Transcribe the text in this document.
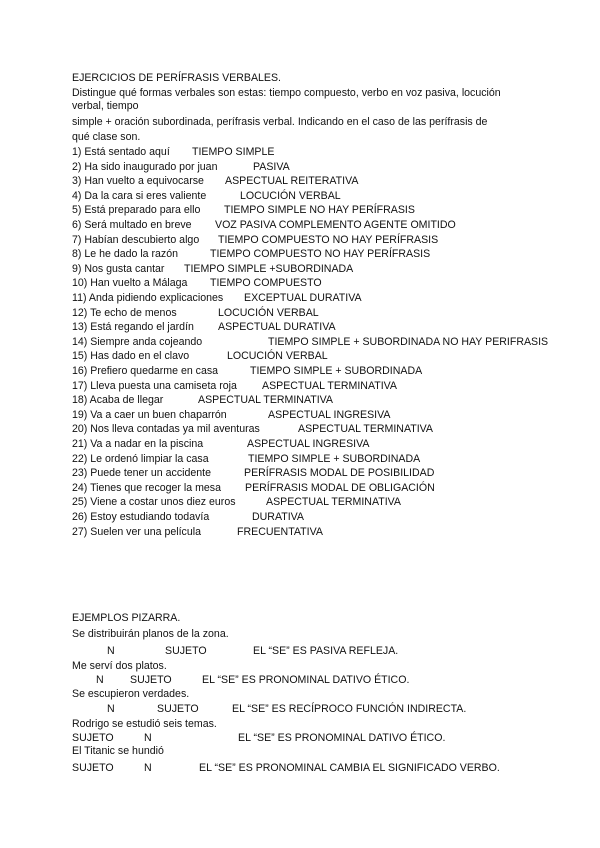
EJERCICIOS DE PERÍFRASIS VERBALES.
Distingue qué formas verbales son estas: tiempo compuesto, verbo en voz pasiva, locución
verbal, tiempo
simple + oración subordinada, perífrasis verbal. Indicando en el caso de las perífrasis de
qué clase son.
1) Está sentado aquí TIEMPO SIMPLE
2) Ha sido inaugurado por juan	PASIVA
3) Han vuelto a equivocarse ASPECTUAL REITERATIVA
4) Da la cara si eres valiente	LOCUCIÓN VERBAL
5) Está preparado para ello TIEMPO SIMPLE NO HAY PERÍFRASIS
6) Será multado en breve VOZ PASIVA COMPLEMENTO AGENTE OMITIDO
7) Habían descubierto algo TIEMPO COMPUESTO NO HAY PERÍFRASIS
8) Le he dado la razón	TIEMPO COMPUESTO NO HAY PERÍFRASIS
9) Nos gusta cantar TIEMPO SIMPLE +SUBORDINADA
10) Han vuelto a Málaga TIEMPO COMPUESTO
11) Anda pidiendo explicaciones EXCEPTUAL DURATIVA
12) Te echo de menos	LOCUCIÓN VERBAL
13) Está regando el jardín ASPECTUAL DURATIVA
14) Siempre anda cojeando	TIEMPO SIMPLE + SUBORDINADA NO HAY PERIFRASIS
15) Has dado en el clavo	LOCUCIÓN VERBAL
16) Prefiero quedarme en casa	TIEMPO SIMPLE + SUBORDINADA
17) Lleva puesta una camiseta roja ASPECTUAL TERMINATIVA
18) Acaba de llegar	ASPECTUAL TERMINATIVA
19) Va a caer un buen chaparrón	ASPECTUAL INGRESIVA
20) Nos lleva contadas ya mil aventuras	ASPECTUAL TERMINATIVA
21) Va a nadar en la piscina	ASPECTUAL INGRESIVA
22) Le ordenó limpiar la casa	TIEMPO SIMPLE + SUBORDINADA
23) Puede tener un accidente	PERÍFRASIS MODAL DE POSIBILIDAD
24) Tienes que recoger la mesa PERÍFRASIS MODAL DE OBLIGACIÓN
25) Viene a costar unos diez euros	ASPECTUAL TERMINATIVA
26) Estoy estudiando todavía	DURATIVA
27) Suelen ver una película	FRECUENTATIVA
EJEMPLOS PIZARRA.
Se distribuirán planos de la zona.
N	SUJETO	EL “SE” ES PASIVA REFLEJA.
Me serví dos platos.
N SUJETO	EL “SE” ES PRONOMINAL DATIVO ÉTICO.
Se escupieron verdades.
N	SUJETO	EL “SE” ES RECÍPROCO FUNCIÓN INDIRECTA.
Rodrigo se estudió seis temas.
SUJETO	N	EL “SE” ES PRONOMINAL DATIVO ÉTICO.
El Titanic se hundió
SUJETO	N	EL “SE” ES PRONOMINAL CAMBIA EL SIGNIFICADO VERBO.
